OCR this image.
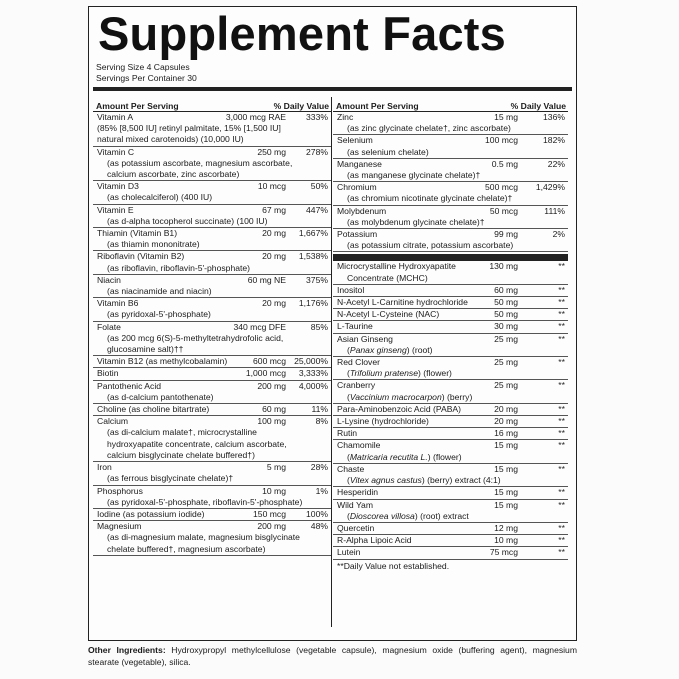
Supplement Facts
Serving Size 4 Capsules
Servings Per Container 30
Amount Per Serving	% Daily Value
Vitamin A	3,000 mcg RAE 333%
(85% [8,500 IU] retinyl palmitate, 15% [1,500 IU]
natural mixed carotenoids) (10,000 IU)
Vitamin C	250 mg 278%
(as potassium ascorbate, magnesium ascorbate,
calcium ascorbate, zinc ascorbate)
Vitamin D3	10 mcg	50%
(as cholecalciferol) (400 IU)
Vitamin E	67 mg 447%
(as d-alpha tocopherol succinate) (100 IU)
Thiamin (Vitamin B1)	20 mg 1,667%
(as thiamin mononitrate)
Riboflavin (Vitamin B2)	20 mg 1,538%
(as riboflavin, riboflavin-5'-phosphate)
Niacin	60 mg NE 375%
(as niacinamide and niacin)
Vitamin B6	20 mg 1,176%
(as pyridoxal-5'-phosphate)
Folate	340 mcg DFE	85%
(as 200 mcg 6(S)-5-methyltetrahydrofolic acid,
glucosamine salt)††
Vitamin B12 (as methylcobalamin)	600 mcg 25,000%
Biotin	1,000 mcg 3,333%
Pantothenic Acid	200 mg 4,000%
(as d-calcium pantothenate)
Choline (as choline bitartrate)	60 mg	11%
Calcium	100 mg	8%
(as di-calcium malate†, microcrystalline
hydroxyapatite concentrate, calcium ascorbate,
calcium bisglycinate chelate buffered†)
Iron	5 mg	28%
(as ferrous bisglycinate chelate)†
Phosphorus	10 mg	1%
(as pyridoxal-5'-phosphate, riboflavin-5'-phosphate)
Iodine (as potassium iodide)	150 mcg 100%
Magnesium	200 mg	48%
(as di-magnesium malate, magnesium bisglycinate
chelate buffered†, magnesium ascorbate)
Amount Per Serving	% Daily Value
Zinc	15 mg	136%
(as zinc glycinate chelate†, zinc ascorbate)
Selenium	100 mcg	182%
(as selenium chelate)
Manganese	0.5 mg	22%
(as manganese glycinate chelate)†
Chromium	500 mcg 1,429%
(as chromium nicotinate glycinate chelate)†
Molybdenum	50 mcg	111%
(as molybdenum glycinate chelate)†
Potassium	99 mg	2%
(as potassium citrate, potassium ascorbate)
Microcrystalline Hydroxyapatite	130 mg	**
Concentrate (MCHC)
Inositol	60 mg	**
N-Acetyl L-Carnitine hydrochloride	50 mg	**
N-Acetyl L-Cysteine (NAC)	50 mg	**
L-Taurine	30 mg	**
Asian Ginseng	25 mg	**
(Panax ginseng) (root)
Red Clover	25 mg	**
(Trifolium pratense) (flower)
Cranberry	25 mg	**
(Vaccinium macrocarpon) (berry)
Para-Aminobenzoic Acid (PABA)	20 mg	**
L-Lysine (hydrochloride)	20 mg	**
Rutin	16 mg	**
Chamomile	15 mg	**
(Matricaria recutita L.) (flower)
Chaste	15 mg	**
(Vitex agnus castus) (berry) extract (4:1)
Hesperidin	15 mg	**
Wild Yam	15 mg	**
(Dioscorea villosa) (root) extract
Quercetin	12 mg	**
R-Alpha Lipoic Acid	10 mg	**
Lutein	75 mcg	**
**Daily Value not established.
Other Ingredients: Hydroxypropyl methylcellulose (vegetable capsule), magnesium oxide (buffering agent), magnesium stearate (vegetable), silica.
